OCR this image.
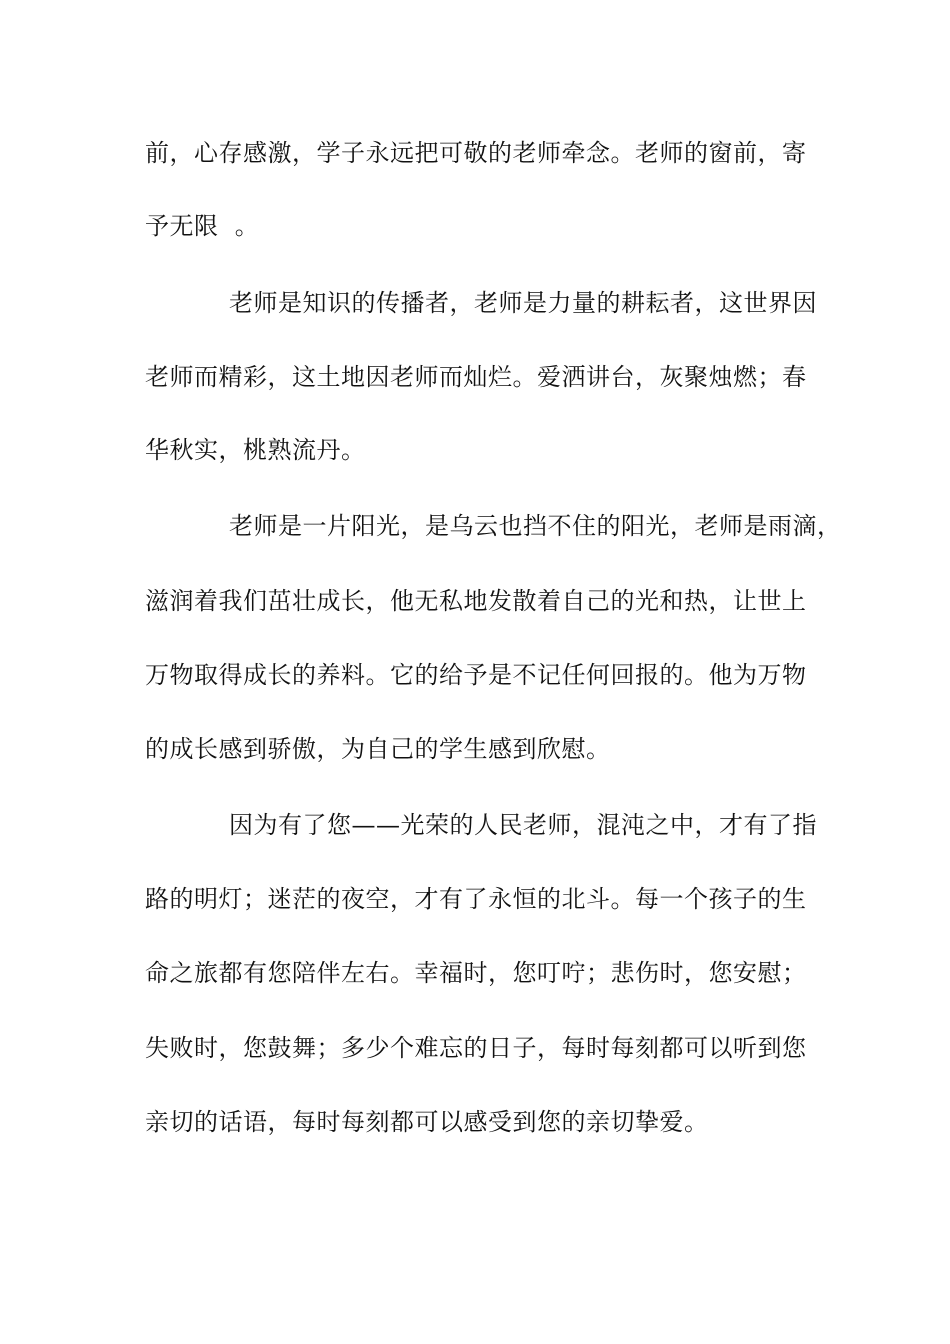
前，心存感激，学子永远把可敬的老师牵念。老师的窗前，寄
予无限  。
老师是知识的传播者，老师是力量的耕耘者，这世界因
老师而精彩，这土地因老师而灿烂。爱洒讲台，灰聚烛燃；春
华秋实，桃熟流丹。
老师是一片阳光，是乌云也挡不住的阳光，老师是雨滴，
滋润着我们茁壮成长，他无私地发散着自己的光和热，让世上
万物取得成长的养料。它的给予是不记任何回报的。他为万物
的成长感到骄傲，为自己的学生感到欣慰。
因为有了您——光荣的人民老师，混沌之中，才有了指
路的明灯；迷茫的夜空，才有了永恒的北斗。每一个孩子的生
命之旅都有您陪伴左右。幸福时，您叮咛；悲伤时，您安慰；
失败时，您鼓舞；多少个难忘的日子，每时每刻都可以听到您
亲切的话语，每时每刻都可以感受到您的亲切挚爱。
